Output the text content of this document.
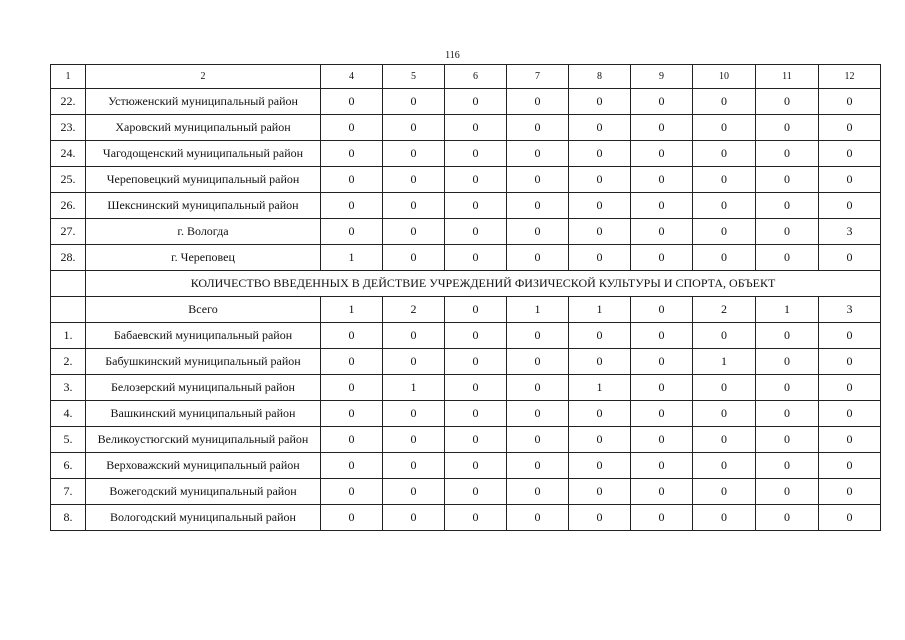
116
1	2	4	5	6	7	8	9	10	11	12
22.	Устюженский муниципальный район	0	0	0	0	0	0	0	0	0
23.	Харовский муниципальный район	0	0	0	0	0	0	0	0	0
24.	Чагодощенский муниципальный район	0	0	0	0	0	0	0	0	0
25.	Череповецкий муниципальный район	0	0	0	0	0	0	0	0	0
26.	Шекснинский муниципальный район	0	0	0	0	0	0	0	0	0
27.	г. Вологда	0	0	0	0	0	0	0	0	3
28.	г. Череповец	1	0	0	0	0	0	0	0	0
	КОЛИЧЕСТВО ВВЕДЕННЫХ В ДЕЙСТВИЕ УЧРЕЖДЕНИЙ ФИЗИЧЕСКОЙ КУЛЬТУРЫ И СПОРТА, ОБЪЕКТ									
	Всего	1	2	0	1	1	0	2	1	3
1.	Бабаевский муниципальный район	0	0	0	0	0	0	0	0	0
2.	Бабушкинский муниципальный район	0	0	0	0	0	0	1	0	0
3.	Белозерский муниципальный район	0	1	0	0	1	0	0	0	0
4.	Вашкинский муниципальный район	0	0	0	0	0	0	0	0	0
5.	Великоустюгский муниципальный район	0	0	0	0	0	0	0	0	0
6.	Верховажский муниципальный район	0	0	0	0	0	0	0	0	0
7.	Вожегодский муниципальный район	0	0	0	0	0	0	0	0	0
8.	Вологодский муниципальный район	0	0	0	0	0	0	0	0	0
